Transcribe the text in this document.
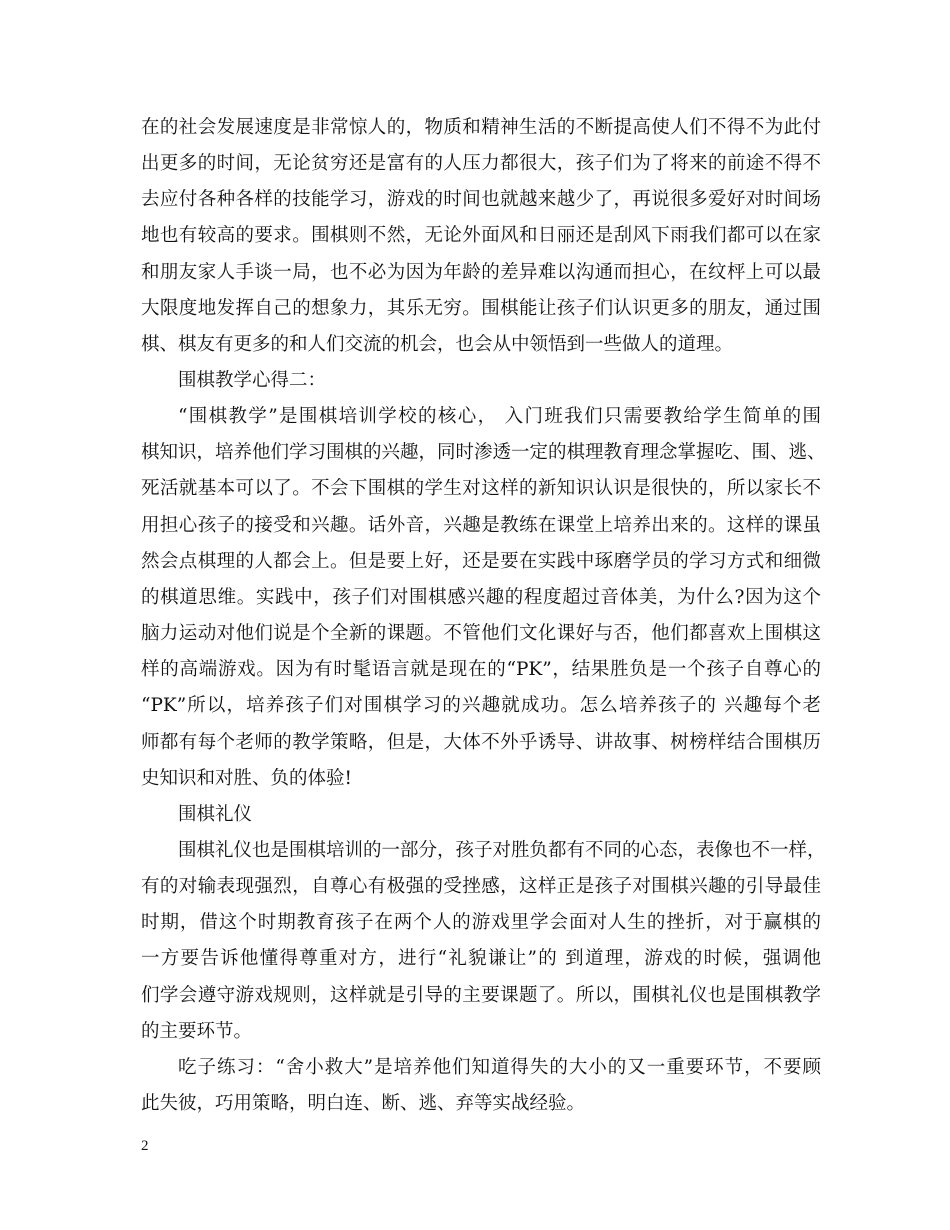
在的社会发展速度是非常惊人的，物质和精神生活的不断提高使人们不得不为此付
出更多的时间，无论贫穷还是富有的人压力都很大，孩子们为了将来的前途不得不
去应付各种各样的技能学习，游戏的时间也就越来越少了，再说很多爱好对时间场
地也有较高的要求。围棋则不然，无论外面风和日丽还是刮风下雨我们都可以在家
和朋友家人手谈一局，也不必为因为年龄的差异难以沟通而担心，在纹枰上可以最
大限度地发挥自己的想象力，其乐无穷。围棋能让孩子们认识更多的朋友，通过围
棋、棋友有更多的和人们交流的机会，也会从中领悟到一些做人的道理。
围棋教学心得二：
“围棋教学”是围棋培训学校的核心， 入门班我们只需要教给学生简单的围
棋知识，培养他们学习围棋的兴趣，同时渗透一定的棋理教育理念掌握吃、围、逃、
死活就基本可以了。不会下围棋的学生对这样的新知识认识是很快的，所以家长不
用担心孩子的接受和兴趣。话外音，兴趣是教练在课堂上培养出来的。这样的课虽
然会点棋理的人都会上。但是要上好，还是要在实践中琢磨学员的学习方式和细微
的棋道思维。实践中，孩子们对围棋感兴趣的程度超过音体美，为什么?因为这个
脑力运动对他们说是个全新的课题。不管他们文化课好与否，他们都喜欢上围棋这
样的高端游戏。因为有时髦语言就是现在的“PK”，结果胜负是一个孩子自尊心的
“PK”所以，培养孩子们对围棋学习的兴趣就成功。怎么培养孩子的 兴趣每个老
师都有每个老师的教学策略，但是，大体不外乎诱导、讲故事、树榜样结合围棋历
史知识和对胜、负的体验!
围棋礼仪
围棋礼仪也是围棋培训的一部分，孩子对胜负都有不同的心态，表像也不一样，
有的对输表现强烈，自尊心有极强的受挫感，这样正是孩子对围棋兴趣的引导最佳
时期，借这个时期教育孩子在两个人的游戏里学会面对人生的挫折，对于赢棋的
一方要告诉他懂得尊重对方，进行“礼貌谦让”的 到道理，游戏的时候，强调他
们学会遵守游戏规则，这样就是引导的主要课题了。所以，围棋礼仪也是围棋教学
的主要环节。
吃子练习：“舍小救大”是培养他们知道得失的大小的又一重要环节，不要顾
此失彼，巧用策略，明白连、断、逃、弃等实战经验。
2
